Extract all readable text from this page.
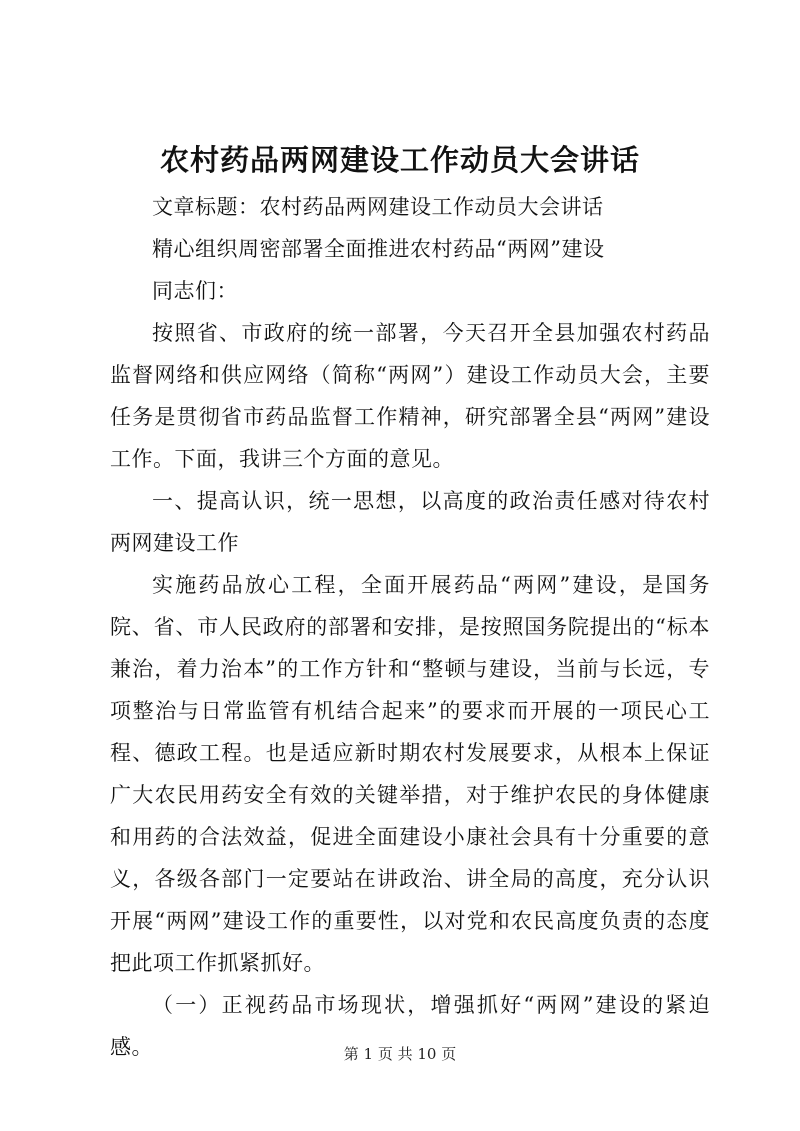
农村药品两网建设工作动员大会讲话

文章标题：农村药品两网建设工作动员大会讲话

精心组织周密部署全面推进农村药品“两网”建设

同志们：

按照省、市政府的统一部署，今天召开全县加强农村药品监督网络和供应网络（简称“两网”）建设工作动员大会，主要任务是贯彻省市药品监督工作精神，研究部署全县“两网”建设工作。下面，我讲三个方面的意见。

一、提高认识，统一思想，以高度的政治责任感对待农村两网建设工作

实施药品放心工程，全面开展药品“两网”建设，是国务院、省、市人民政府的部署和安排，是按照国务院提出的“标本兼治，着力治本”的工作方针和“整顿与建设，当前与长远，专项整治与日常监管有机结合起来”的要求而开展的一项民心工程、德政工程。也是适应新时期农村发展要求，从根本上保证广大农民用药安全有效的关键举措，对于维护农民的身体健康和用药的合法效益，促进全面建设小康社会具有十分重要的意义，各级各部门一定要站在讲政治、讲全局的高度，充分认识开展“两网”建设工作的重要性，以对党和农民高度负责的态度把此项工作抓紧抓好。

（一）正视药品市场现状，增强抓好“两网”建设的紧迫感。	第 1 页 共 10 页
